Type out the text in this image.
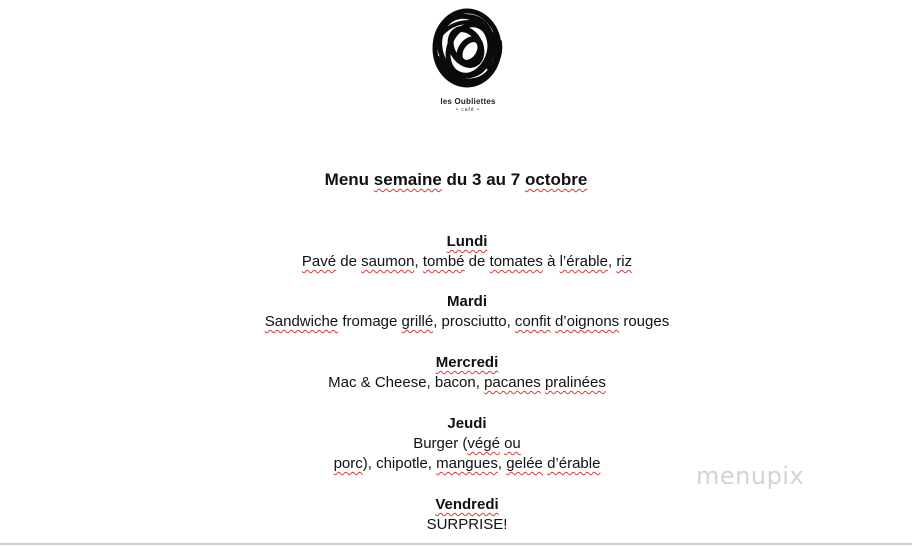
les Oubliettes
• café •
Menu semaine du 3 au 7 octobre
Lundi
Pavé de saumon, tombé de tomates à l’érable, riz
Mardi
Sandwiche fromage grillé, prosciutto, confit d’oignons rouges
Mercredi
Mac & Cheese, bacon, pacanes pralinées
Jeudi
Burger (végé ou
porc), chipotle, mangues, gelée d’érable
Vendredi
SURPRISE!
menupix
